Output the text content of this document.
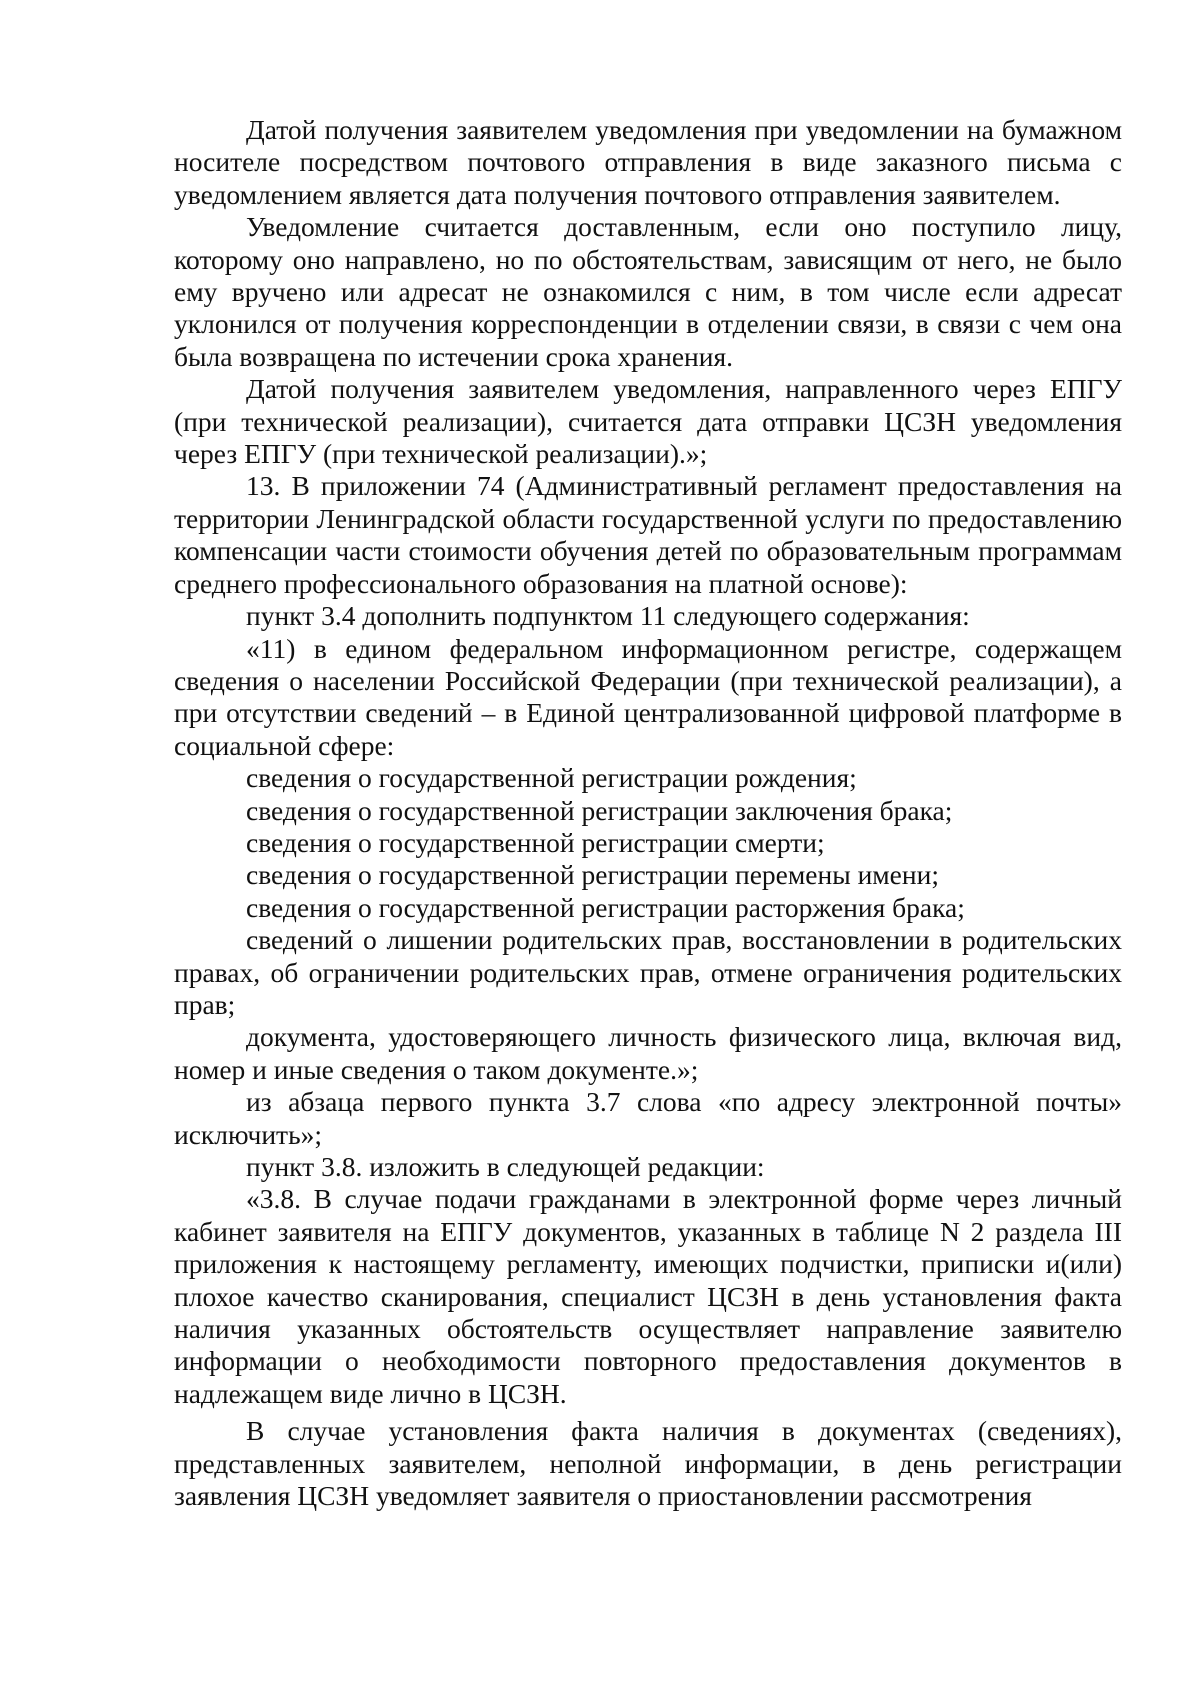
Датой получения заявителем уведомления при уведомлении на бумажном носителе посредством почтового отправления в виде заказного письма с уведомлением является дата получения почтового отправления заявителем.

Уведомление считается доставленным, если оно поступило лицу, которому оно направлено, но по обстоятельствам, зависящим от него, не было ему вручено или адресат не ознакомился с ним, в том числе если адресат уклонился от получения корреспонденции в отделении связи, в связи с чем она была возвращена по истечении срока хранения.

Датой получения заявителем уведомления, направленного через ЕПГУ (при технической реализации), считается дата отправки ЦСЗН уведомления через ЕПГУ (при технической реализации).»;

13. В приложении 74 (Административный регламент предоставления на территории Ленинградской области государственной услуги по предоставлению компенсации части стоимости обучения детей по образовательным программам среднего профессионального образования на платной основе):

пункт 3.4 дополнить подпунктом 11 следующего содержания:

«11) в едином федеральном информационном регистре, содержащем сведения о населении Российской Федерации (при технической реализации), а при отсутствии сведений – в Единой централизованной цифровой платформе в социальной сфере:

сведения о государственной регистрации рождения;

сведения о государственной регистрации заключения брака;

сведения о государственной регистрации смерти;

сведения о государственной регистрации перемены имени;

сведения о государственной регистрации расторжения брака;

сведений о лишении родительских прав, восстановлении в родительских правах, об ограничении родительских прав, отмене ограничения родительских прав;

документа, удостоверяющего личность физического лица, включая вид, номер и иные сведения о таком документе.»;

из абзаца первого пункта 3.7 слова «по адресу электронной почты» исключить»;

пункт 3.8. изложить в следующей редакции:

«3.8. В случае подачи гражданами в электронной форме через личный кабинет заявителя на ЕПГУ документов, указанных в таблице N 2 раздела III приложения к настоящему регламенту, имеющих подчистки, приписки и(или) плохое качество сканирования, специалист ЦСЗН в день установления факта наличия указанных обстоятельств осуществляет направление заявителю информации о необходимости повторного предоставления документов в надлежащем виде лично в ЦСЗН.

В случае установления факта наличия в документах (сведениях), представленных заявителем, неполной информации, в день регистрации заявления ЦСЗН уведомляет заявителя о приостановлении рассмотрения
